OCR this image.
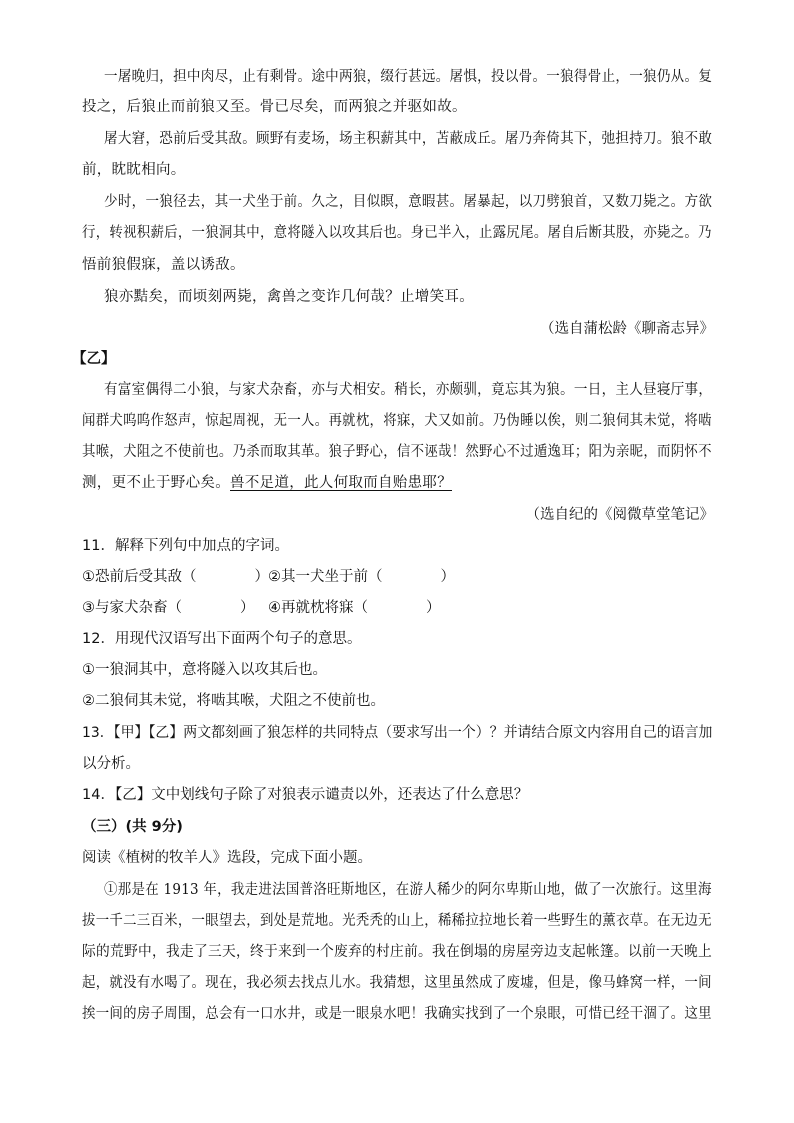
一屠晚归，担中肉尽，止有剩骨。途中两狼，缀行甚远。屠惧，投以骨。一狼得骨止，一狼仍从。复
投之，后狼止而前狼又至。骨已尽矣，而两狼之并驱如故。
屠大窘，恐前后受其敌。顾野有麦场，场主积薪其中，苫蔽成丘。屠乃奔倚其下，弛担持刀。狼不敢
前，眈眈相向。
少时，一狼径去，其一犬坐于前。久之，目似瞑，意暇甚。屠暴起，以刀劈狼首，又数刀毙之。方欲
行，转视积薪后，一狼洞其中，意将隧入以攻其后也。身已半入，止露尻尾。屠自后断其股，亦毙之。乃
悟前狼假寐，盖以诱敌。
狼亦黠矣，而顷刻两毙，禽兽之变诈几何哉？止增笑耳。
（选自蒲松龄《聊斋志异》
【乙】
有富室偶得二小狼，与家犬杂畜，亦与犬相安。稍长，亦颇驯，竟忘其为狼。一日，主人昼寝厅事，
闻群犬呜呜作怒声，惊起周视，无一人。再就枕，将寐，犬又如前。乃伪睡以俟，则二狼伺其未觉，将啮
其喉，犬阻之不使前也。乃杀而取其革。狼子野心，信不诬哉！然野心不过遁逸耳；阳为亲昵，而阴怀不
测，更不止于野心矣。兽不足道，此人何取而自贻患耶？
（选自纪的《阅微草堂笔记》
11．解释下列句中加点的字词。
①恐前后受其敌（　　　　） ②其一犬坐于前（　　　　）
③与家犬杂畜（　　　　） ④再就枕将寐（　　　　）
12．用现代汉语写出下面两个句子的意思。
①一狼洞其中，意将隧入以攻其后也。
②二狼伺其未觉，将啮其喉，犬阻之不使前也。
13．【甲】【乙】两文都刻画了狼怎样的共同特点（要求写出一个）？并请结合原文内容用自己的语言加
以分析。
14．【乙】文中划线句子除了对狼表示谴责以外，还表达了什么意思？
（三）(共 9分)
阅读《植树的牧羊人》选段，完成下面小题。
①那是在 1913 年，我走进法国普洛旺斯地区，在游人稀少的阿尔卑斯山地，做了一次旅行。这里海
拔一千二三百米，一眼望去，到处是荒地。光秃秃的山上，稀稀拉拉地长着一些野生的薰衣草。在无边无
际的荒野中，我走了三天，终于来到一个废弃的村庄前。我在倒塌的房屋旁边支起帐篷。以前一天晚上
起，就没有水喝了。现在，我必须去找点儿水。我猜想，这里虽然成了废墟，但是，像马蜂窝一样，一间
挨一间的房子周围，总会有一口水井，或是一眼泉水吧！我确实找到了一个泉眼，可惜已经干涸了。这里
